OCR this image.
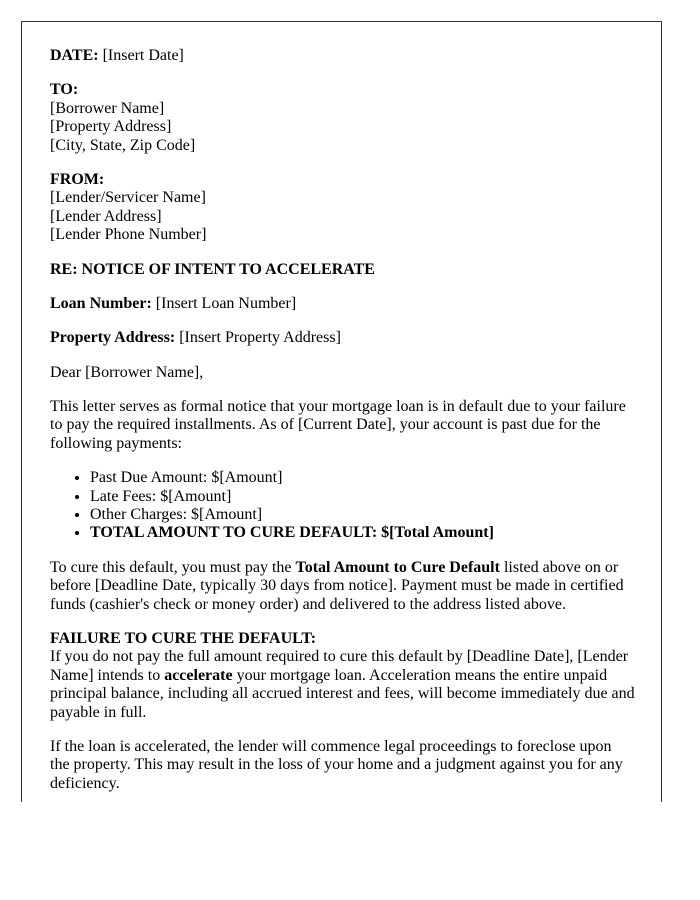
DATE: [Insert Date]

TO:
[Borrower Name]
[Property Address]
[City, State, Zip Code]

FROM:
[Lender/Servicer Name]
[Lender Address]
[Lender Phone Number]

RE: NOTICE OF INTENT TO ACCELERATE

Loan Number: [Insert Loan Number]

Property Address: [Insert Property Address]

Dear [Borrower Name],

This letter serves as formal notice that your mortgage loan is in default due to your failure to pay the required installments. As of [Current Date], your account is past due for the following payments:

• Past Due Amount: $[Amount]
• Late Fees: $[Amount]
• Other Charges: $[Amount]
• TOTAL AMOUNT TO CURE DEFAULT: $[Total Amount]

To cure this default, you must pay the Total Amount to Cure Default listed above on or before [Deadline Date, typically 30 days from notice]. Payment must be made in certified funds (cashier's check or money order) and delivered to the address listed above.

FAILURE TO CURE THE DEFAULT:
If you do not pay the full amount required to cure this default by [Deadline Date], [Lender Name] intends to accelerate your mortgage loan. Acceleration means the entire unpaid principal balance, including all accrued interest and fees, will become immediately due and payable in full.

If the loan is accelerated, the lender will commence legal proceedings to foreclose upon the property. This may result in the loss of your home and a judgment against you for any deficiency.
